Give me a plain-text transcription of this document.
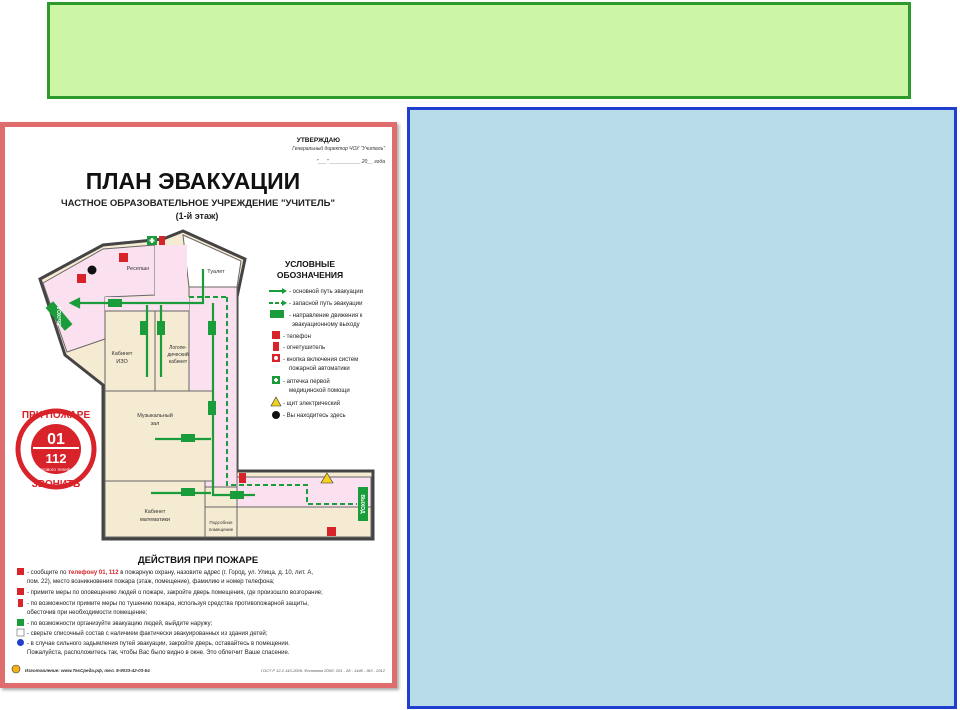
УТВЕРЖДАЮ
Генеральный директор ЧОУ "Учитель"
"___" ___________ 20__ года
ПЛАН ЭВАКУАЦИИ
ЧАСТНОЕ ОБРАЗОВАТЕЛЬНОЕ УЧРЕЖДЕНИЕ "УЧИТЕЛЬ"
(1-й этаж)
Ресепшн	Туалет
Кабинет
ИЗО
Логопе-
дический
кабинет
Музыкальный
зал
Кабинет
математики	Подсобное
помещение
ВЫХОД
ВЫХОД
УСЛОВНЫЕ
ОБОЗНАЧЕНИЯ
- основной путь эвакуации
- запасной путь эвакуации
- направление движения к
эвакуационному выходу
- телефон
- огнетушитель
- кнопка включения систем
пожарной автоматики
- аптечка первой
медицинской помощи
- щит электрический
- Вы находитесь здесь
ПРИ ПОЖАРЕ
01
112
с сотового телефона
ЗВОНИТЬ
ДЕЙСТВИЯ ПРИ ПОЖАРЕ
- сообщите по телефону 01, 112 в пожарную охрану, назовите адрес (г. Город, ул. Улица, д. 10, лит. А,
пом. 22), место возникновения пожара (этаж, помещение), фамилию и номер телефона;
- примите меры по оповещению людей о пожаре, закройте дверь помещения, где произошло возгорание;
- по возможности примите меры по тушению пожара, используя средства противопожарной защиты,
обесточив при необходимости помещение;
- по возможности организуйте эвакуацию людей, выйдите наружу;
- сверьте списочный состав с наличием фактически эвакуированных из здания детей;
- в случае сильного задымления путей эвакуации, закройте дверь, оставайтесь в помещении.
Пожалуйста, расположитесь так, чтобы Вас было видно в окне. Это облегчит Ваше спасение.
Изготовление: www.ТехСреда.рф, тел. 8-9033-42-03-54	ГОСТ Р 12.2.143-2009. Фотолюм 200Л: 201 - 28 - 1440 - ЖЗ - 2012
